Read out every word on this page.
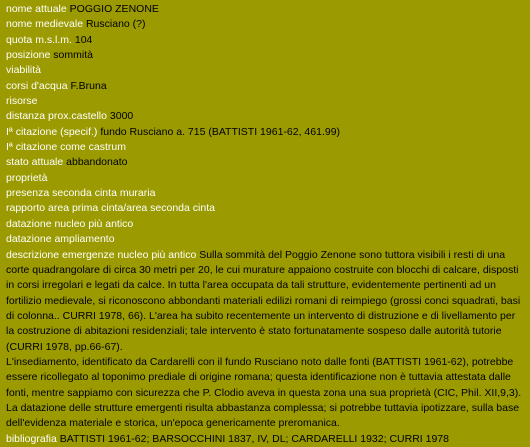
nome attuale POGGIO ZENONE
nome medievale Rusciano (?)
quota m.s.l.m. 104
posizione sommità
viabilità
corsi d'acqua F.Bruna
risorse
distanza prox.castello 3000
Iª citazione (specif.) fundo Rusciano a. 715 (BATTISTI 1961-62, 461.99)
Iª citazione come castrum
stato attuale abbandonato
proprietà
presenza seconda cinta muraria
rapporto area prima cinta/area seconda cinta
datazione nucleo più antico
datazione ampliamento
descrizione emergenze nucleo più antico Sulla sommità del Poggio Zenone sono tuttora visibili i resti di una corte quadrangolare di circa 30 metri per 20, le cui murature appaiono costruite con blocchi di calcare, disposti in corsi irregolari e legati da calce. In tutta l'area occupata da tali strutture, evidentemente pertinenti ad un fortilizio medievale, si riconoscono abbondanti materiali edilizi romani di reimpiego (grossi conci squadrati, basi di colonna.. CURRI 1978, 66). L'area ha subito recentemente un intervento di distruzione e di livellamento per la costruzione di abitazioni residenziali; tale intervento è stato fortunatamente sospeso dalle autorità tutorie (CURRI 1978, pp.66-67).
L'insediamento, identificato da Cardarelli con il fundo Rusciano noto dalle fonti (BATTISTI 1961-62), potrebbe essere ricollegato al toponimo prediale di origine romana; questa identificazione non è tuttavia attestata dalle fonti, mentre sappiamo con sicurezza che P. Clodio aveva in questa zona una sua proprietà (CIC, Phil. XII,9,3).
La datazione delle strutture emergenti risulta abbastanza complessa; si potrebbe tuttavia ipotizzare, sulla base dell'evidenza materiale e storica, un'epoca genericamente preromanica.
bibliografia BATTISTI 1961-62; BARSOCCHINI 1837, IV, DL; CARDARELLI 1932; CURRI 1978
